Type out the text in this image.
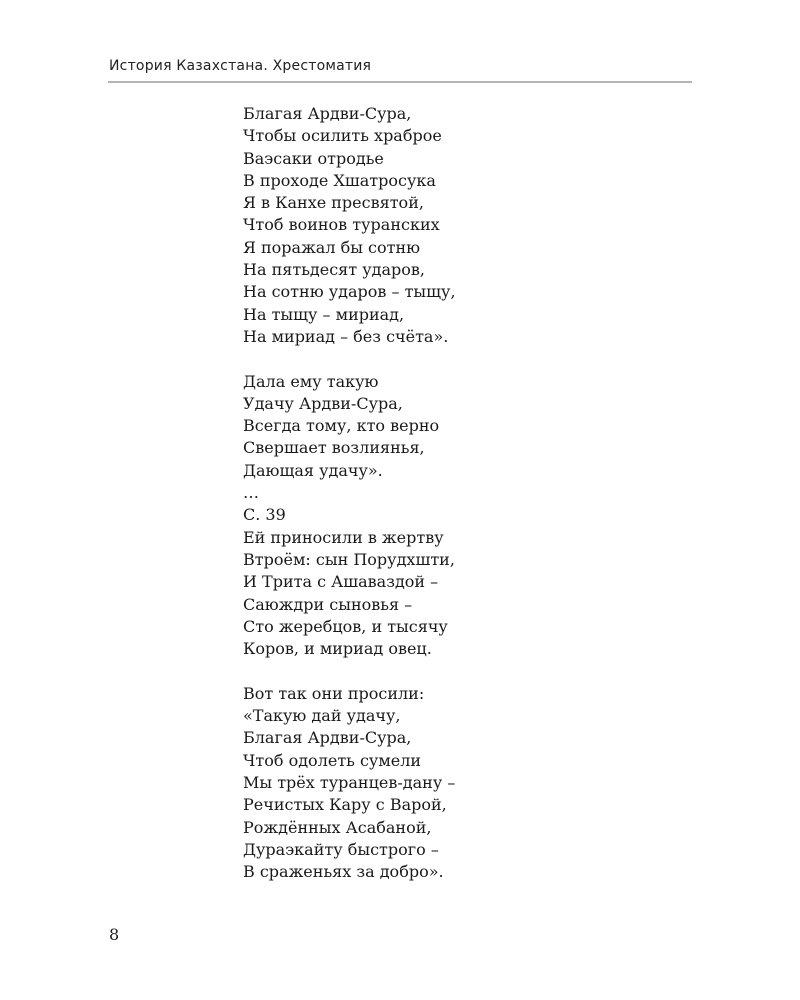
История Казахстана. Хрестоматия
Благая Ардви-Сура,
Чтобы осилить храброе
Ваэсаки отродье
В проходе Хшатросука
Я в Канхе пресвятой,
Чтоб воинов туранских
Я поражал бы сотню
На пятьдесят ударов,
На сотню ударов – тыщу,
На тыщу – мириад,
На мириад – без счёта».
Дала ему такую
Удачу Ардви-Сура,
Всегда тому, кто верно
Свершает возлиянья,
Дающая удачу».
…
С. 39
Ей приносили в жертву
Втроём: сын Порудхшти,
И Трита с Ашаваздой –
Саюждри сыновья –
Сто жеребцов, и тысячу
Коров, и мириад овец.
Вот так они просили:
«Такую дай удачу,
Благая Ардви-Сура,
Чтоб одолеть сумели
Мы трёх туранцев-дану –
Речистых Кару с Варой,
Рождённых Асабаной,
Дураэкайту быстрого –
В сраженьях за добро».
8
